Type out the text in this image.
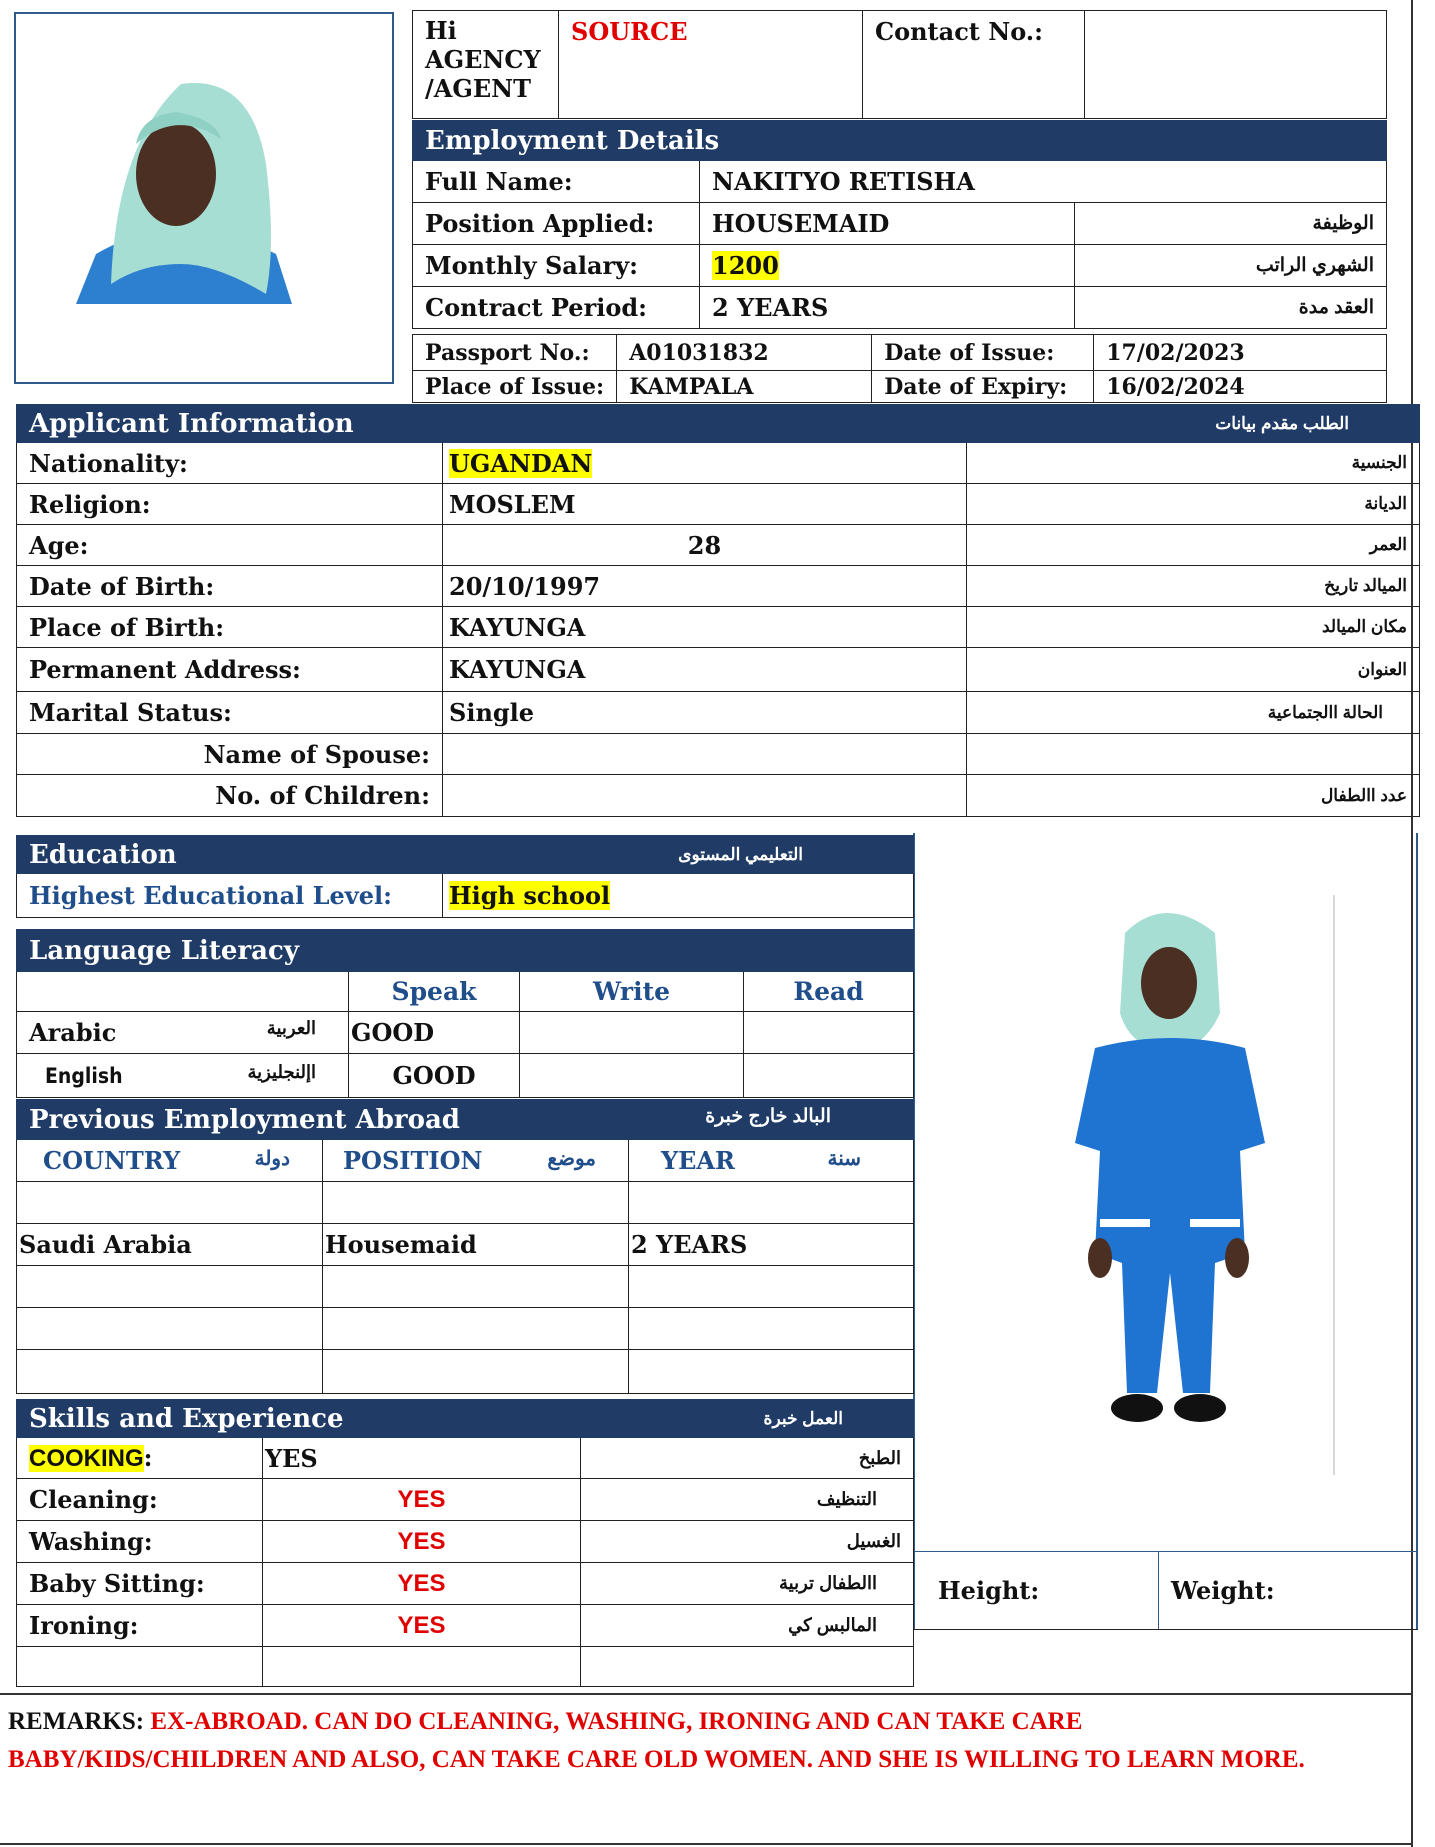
Hi
AGENCY
/AGENT
	SOURCE	Contact No.:	
Employment Details		
Full Name:	NAKITYO RETISHA	
Position Applied:	HOUSEMAID	الوظيفة
Monthly Salary:	1200	الشهري الراتب
Contract Period:	2 YEARS	العقد مدة
Passport No.:	A01031832	Date of Issue:	17/02/2023
Place of Issue:	KAMPALA	Date of Expiry:	16/02/2024
Applicant Information		الطلب مقدم بيانات
Nationality:	UGANDAN	الجنسية
Religion:	MOSLEM	الديانة
Age:	28	العمر
Date of Birth:	20/10/1997	الميالد تاريخ
Place of Birth:	KAYUNGA	مكان الميالد
Permanent Address:	KAYUNGA	العنوان
Marital Status:	Single	الحالة االجتماعية
Name of Spouse:		
No. of Children:		عدد االطفال
Height:	Weight:
Education	التعليمي المستوى
Highest Educational Level:	High school
Language Literacy			
	Speak	Write	Read
Arabic العربية	GOOD		
English اإلنجليزية	GOOD		
Previous Employment Abroad البالد خارج خبرة		

COUNTRY دولة	POSITION موضع	YEAR سنة

Saudi Arabia	Housemaid	2 YEARS

Skills and Experience		العمل خبرة
COOKING:	YES	الطبخ
Cleaning:	YES	التنظيف
Washing:	YES	الغسيل
Baby Sitting:	YES	االطفال تربية
Ironing:	YES	المالبس كي

REMARKS: EX-ABROAD. CAN DO CLEANING, WASHING, IRONING AND CAN TAKE CARE
BABY/KIDS/CHILDREN AND ALSO, CAN TAKE CARE OLD WOMEN. AND SHE IS WILLING TO LEARN MORE.
